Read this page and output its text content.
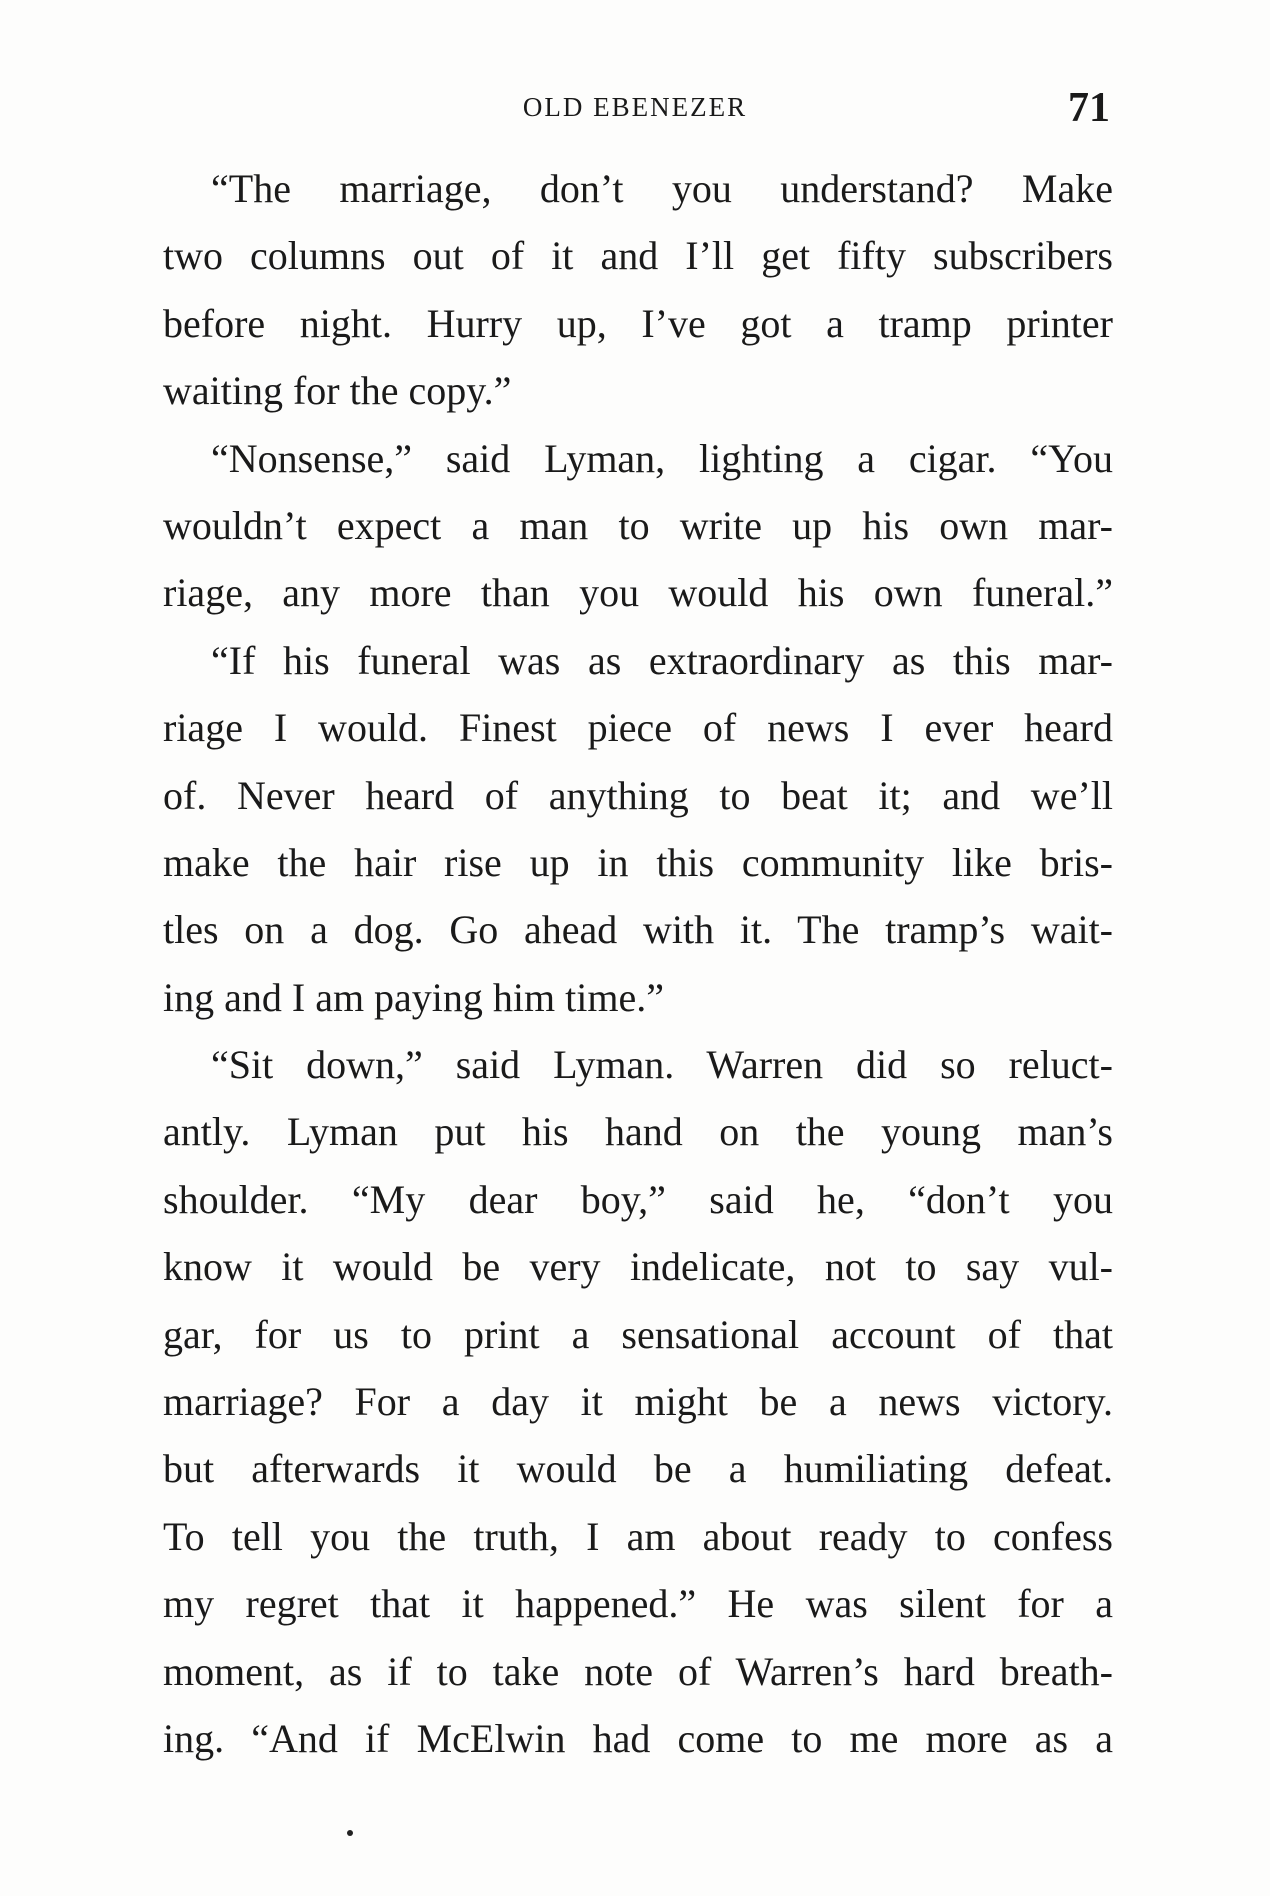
OLD EBENEZER	71
“The marriage, don’t you understand? Make
two columns out of it and I’ll get fifty subscribers
before night. Hurry up, I’ve got a tramp printer
waiting for the copy.”
“Nonsense,” said Lyman, lighting a cigar. “You
wouldn’t expect a man to write up his own mar-
riage, any more than you would his own funeral.”
“If his funeral was as extraordinary as this mar-
riage I would. Finest piece of news I ever heard
of. Never heard of anything to beat it; and we’ll
make the hair rise up in this community like bris-
tles on a dog. Go ahead with it. The tramp’s wait-
ing and I am paying him time.”
“Sit down,” said Lyman. Warren did so reluct-
antly. Lyman put his hand on the young man’s
shoulder. “My dear boy,” said he, “don’t you
know it would be very indelicate, not to say vul-
gar, for us to print a sensational account of that
marriage? For a day it might be a news victory.
but afterwards it would be a humiliating defeat.
To tell you the truth, I am about ready to confess
my regret that it happened.” He was silent for a
moment, as if to take note of Warren’s hard breath-
ing. “And if McElwin had come to me more as a
